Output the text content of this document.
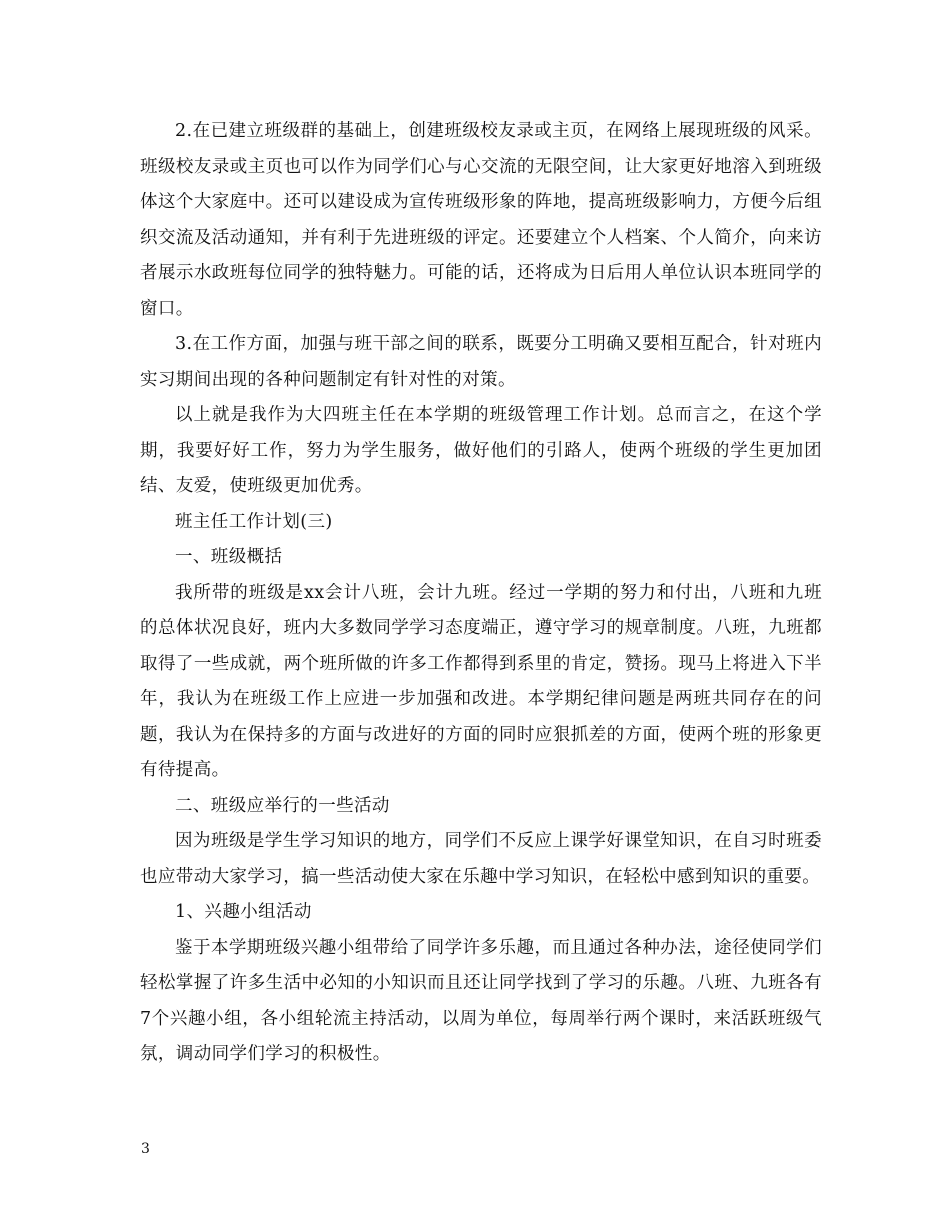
2.在已建立班级群的基础上，创建班级校友录或主页，在网络上展现班级的风采。班级校友录或主页也可以作为同学们心与心交流的无限空间，让大家更好地溶入到班级体这个大家庭中。还可以建设成为宣传班级形象的阵地，提高班级影响力，方便今后组织交流及活动通知，并有利于先进班级的评定。还要建立个人档案、个人简介，向来访者展示水政班每位同学的独特魅力。可能的话，还将成为日后用人单位认识本班同学的窗口。

3.在工作方面，加强与班干部之间的联系，既要分工明确又要相互配合，针对班内实习期间出现的各种问题制定有针对性的对策。

以上就是我作为大四班主任在本学期的班级管理工作计划。总而言之，在这个学期，我要好好工作，努力为学生服务，做好他们的引路人，使两个班级的学生更加团结、友爱，使班级更加优秀。

班主任工作计划(三)

一、班级概括

我所带的班级是xx会计八班，会计九班。经过一学期的努力和付出，八班和九班的总体状况良好，班内大多数同学学习态度端正，遵守学习的规章制度。八班，九班都取得了一些成就，两个班所做的许多工作都得到系里的肯定，赞扬。现马上将进入下半年，我认为在班级工作上应进一步加强和改进。本学期纪律问题是两班共同存在的问题，我认为在保持多的方面与改进好的方面的同时应狠抓差的方面，使两个班的形象更有待提高。

二、班级应举行的一些活动

因为班级是学生学习知识的地方，同学们不反应上课学好课堂知识，在自习时班委也应带动大家学习，搞一些活动使大家在乐趣中学习知识，在轻松中感到知识的重要。

1、兴趣小组活动

鉴于本学期班级兴趣小组带给了同学许多乐趣，而且通过各种办法，途径使同学们轻松掌握了许多生活中必知的小知识而且还让同学找到了学习的乐趣。八班、九班各有7个兴趣小组，各小组轮流主持活动，以周为单位，每周举行两个课时，来活跃班级气氛，调动同学们学习的积极性。

3
